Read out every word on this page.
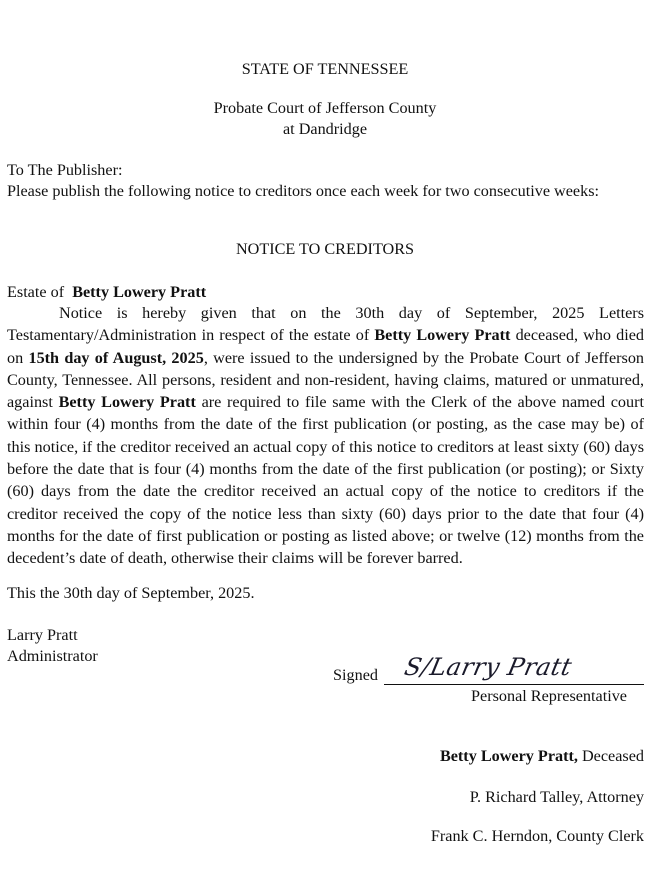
STATE OF TENNESSEE
Probate Court of Jefferson County
at Dandridge
To The Publisher:
Please publish the following notice to creditors once each week for two consecutive weeks:
NOTICE TO CREDITORS
Estate of Betty Lowery Pratt
Notice is hereby given that on the 30th day of September, 2025 Letters Testamentary/Administration in respect of the estate of Betty Lowery Pratt deceased, who died on 15th day of August, 2025, were issued to the undersigned by the Probate Court of Jefferson County, Tennessee. All persons, resident and non-resident, having claims, matured or unmatured, against Betty Lowery Pratt are required to file same with the Clerk of the above named court within four (4) months from the date of the first publication (or posting, as the case may be) of this notice, if the creditor received an actual copy of this notice to creditors at least sixty (60) days before the date that is four (4) months from the date of the first publication (or posting); or Sixty (60) days from the date the creditor received an actual copy of the notice to creditors if the creditor received the copy of the notice less than sixty (60) days prior to the date that four (4) months for the date of first publication or posting as listed above; or twelve (12) months from the decedent’s date of death, otherwise their claims will be forever barred.
This the 30th day of September, 2025.
Larry Pratt
Administrator
Signed S/Larry Pratt
Personal Representative
Betty Lowery Pratt, Deceased
P. Richard Talley, Attorney
Frank C. Herndon, County Clerk
